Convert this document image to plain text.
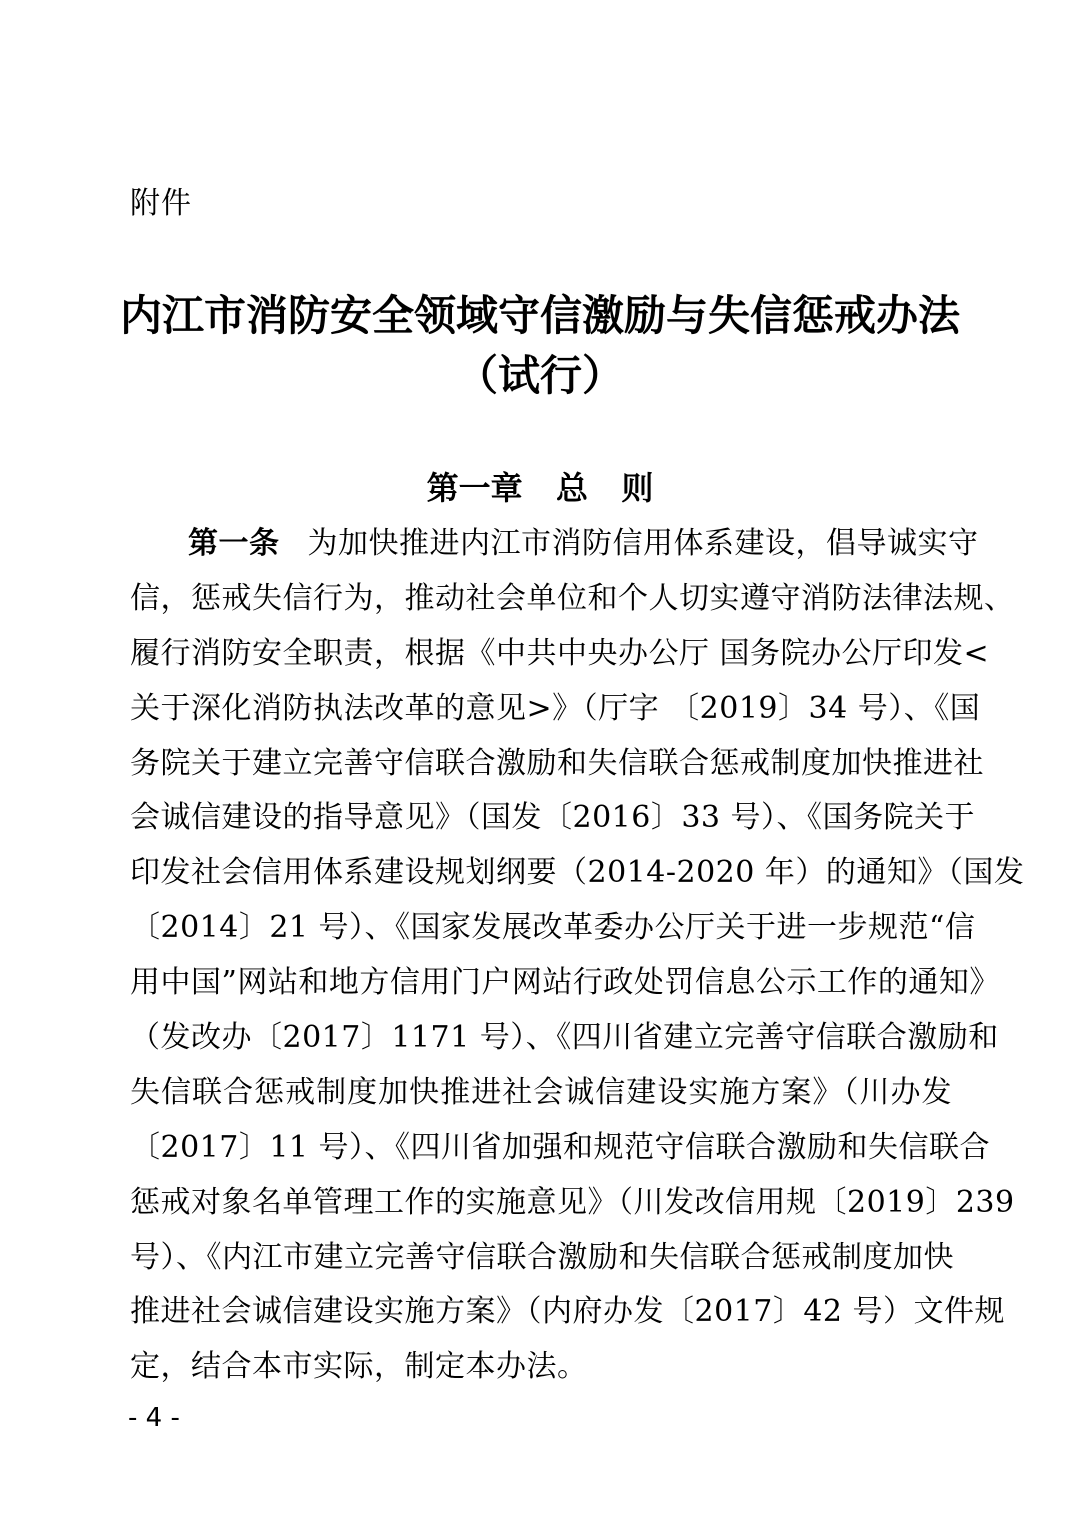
附件
内江市消防安全领域守信激励与失信惩戒办法
（试行）
第一章   总   则
第一条 为加快推进内江市消防信用体系建设，倡导诚实守
信，惩戒失信行为，推动社会单位和个人切实遵守消防法律法规、
履行消防安全职责，根据《中共中央办公厅 国务院办公厅印发<
关于深化消防执法改革的意见>》（厅字 〔2019〕34 号）、《国
务院关于建立完善守信联合激励和失信联合惩戒制度加快推进社
会诚信建设的指导意见》（国发〔2016〕33 号）、《国务院关于
印发社会信用体系建设规划纲要（2014-2020 年）的通知》（国发
〔2014〕21 号）、《国家发展改革委办公厅关于进一步规范“信
用中国”网站和地方信用门户网站行政处罚信息公示工作的通知》
（发改办〔2017〕1171 号）、《四川省建立完善守信联合激励和
失信联合惩戒制度加快推进社会诚信建设实施方案》（川办发
〔2017〕11 号）、《四川省加强和规范守信联合激励和失信联合
惩戒对象名单管理工作的实施意见》（川发改信用规〔2019〕239
号）、《内江市建立完善守信联合激励和失信联合惩戒制度加快
推进社会诚信建设实施方案》（内府办发〔2017〕42 号）文件规
定，结合本市实际，制定本办法。
- 4 -
